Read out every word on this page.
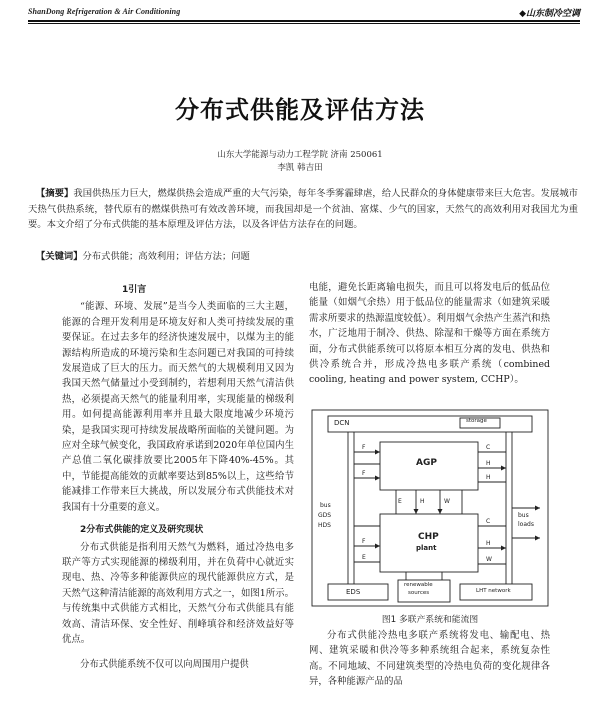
ShanDong Refrigeration & Air Conditioning	◆山东制冷空调
分布式供能及评估方法
山东大学能源与动力工程学院 济南 250061
李凯 韩吉田
【摘要】我国供热压力巨大，燃煤供热会造成严重的大气污染，每年冬季雾霾肆虐，给人民群众的身体健康带来巨大危害。发展城市天热气供热系统，替代原有的燃煤供热可有效改善环境，而我国却是一个贫油、富煤、少气的国家，天然气的高效利用对我国尤为重要。本文介绍了分布式供能的基本原理及评估方法，以及各评估方法存在的问题。
【关键词】分布式供能；高效利用；评估方法；问题
1引言

“能源、环境、发展”是当今人类面临的三大主题，能源的合理开发利用是环境友好和人类可持续发展的重要保证。在过去多年的经济快速发展中，以煤为主的能源结构所造成的环境污染和生态问题已对我国的可持续发展造成了巨大的压力。而天然气的大规模利用又因为我国天然气储量过小受到制约，若想利用天然气清洁供热，必须提高天然气的能量利用率，实现能量的梯级利用。如何提高能源利用率并且最大限度地减少环境污染，是我国实现可持续发展战略所面临的关键问题。为应对全球气候变化，我国政府承诺到2020年单位国内生产总值二氧化碳排放要比2005年下降40%-45%。其中，节能提高能效的贡献率要达到85%以上，这些给节能减排工作带来巨大挑战，所以发展分布式供能技术对我国有十分重要的意义。

2分布式供能的定义及研究现状

分布式供能是指利用天然气为燃料，通过冷热电多联产等方式实现能源的梯级利用，并在负荷中心就近实现电、热、冷等多种能源供应的现代能源供应方式，是天然气这种清洁能源的高效利用方式之一，如图1所示。与传统集中式供能方式相比，天然气分布式供能具有能效高、清洁环保、安全性好、削峰填谷和经济效益好等优点。

分布式供能系统不仅可以向周围用户提供

电能，避免长距离输电损失，而且可以将发电后的低品位能量（如烟气余热）用于低品位的能量需求（如建筑采暖需求所要求的热源温度较低）。利用烟气余热产生蒸汽和热水，广泛地用于制冷、供热、除湿和干燥等方面在系统方面，分布式供能系统可以将原本相互分离的发电、供热和供冷系统合并，形成冷热电多联产系统（combined cooling, heating and power system, CCHP）。

DCN	storage
AGP
CHP
plant
EDS
renewable
sources	LHT network
GDS
HDS
bus
bus
loads
F
F
F
C
C
H
H
H
H
W
W
E
E
图1 多联产系统和能流图

分布式供能冷热电多联产系统将发电、输配电、热网、建筑采暖和供冷等多种系统组合起来，系统复杂性高。不同地域、不同建筑类型的冷热电负荷的变化规律各异，各种能源产品的品
